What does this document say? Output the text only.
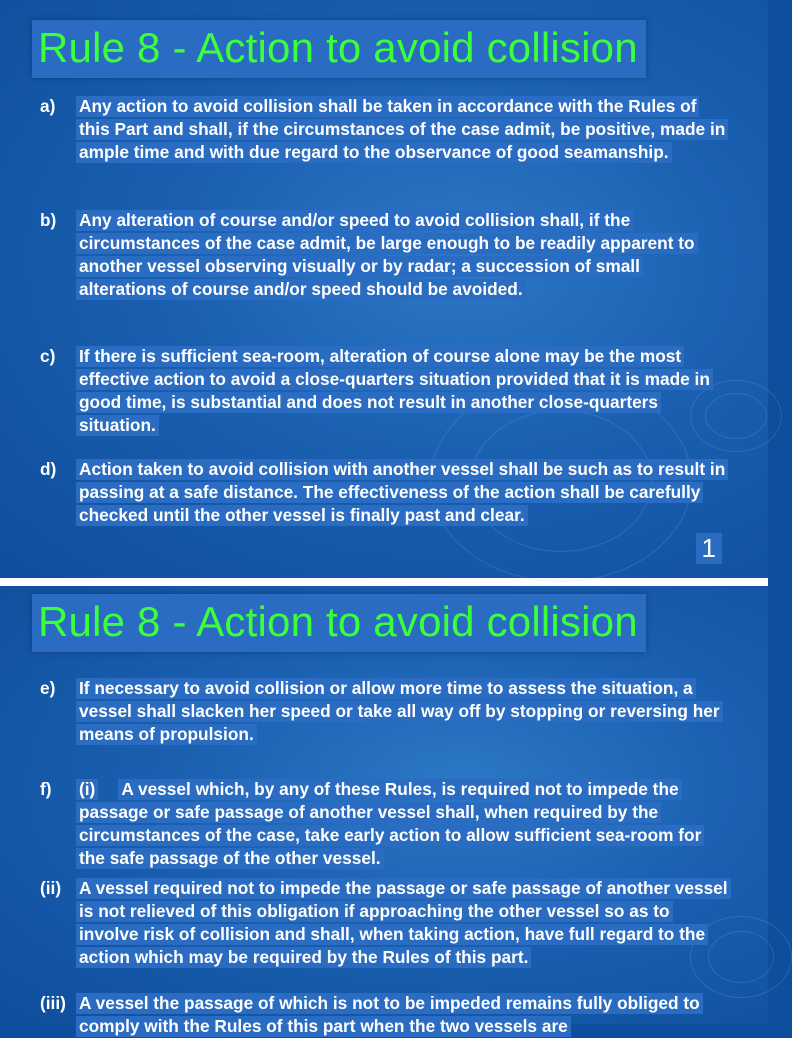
Rule 8 - Action to avoid collision
a)	Any action to avoid collision shall be taken in accordance with the Rules of this Part and shall, if the circumstances of the case admit, be positive, made in ample time and with due regard to the observance of good seamanship.
b)	Any alteration of course and/or speed to avoid collision shall, if the circumstances of the case admit, be large enough to be readily apparent to another vessel observing visually or by radar; a succession of small alterations of course and/or speed should be avoided.
c)	If there is sufficient sea-room, alteration of course alone may be the most effective action to avoid a close-quarters situation provided that it is made in good time, is substantial and does not result in another close-quarters situation.
d)	Action taken to avoid collision with another vessel shall be such as to result in passing at a safe distance. The effectiveness of the action shall be carefully checked until the other vessel is finally past and clear.
1
Rule 8 - Action to avoid collision
e)	If necessary to avoid collision or allow more time to assess the situation, a vessel shall slacken her speed or take all way off by stopping or reversing her means of propulsion.
f)	(i) A vessel which, by any of these Rules, is required not to impede the passage or safe passage of another vessel shall, when required by the circumstances of the case, take early action to allow sufficient sea-room for the safe passage of the other vessel.
(ii)	A vessel required not to impede the passage or safe passage of another vessel is not relieved of this obligation if approaching the other vessel so as to involve risk of collision and shall, when taking action, have full regard to the action which may be required by the Rules of this part.
(iii) A vessel the passage of which is not to be impeded remains fully obliged to comply with the Rules of this part when the two vessels are
